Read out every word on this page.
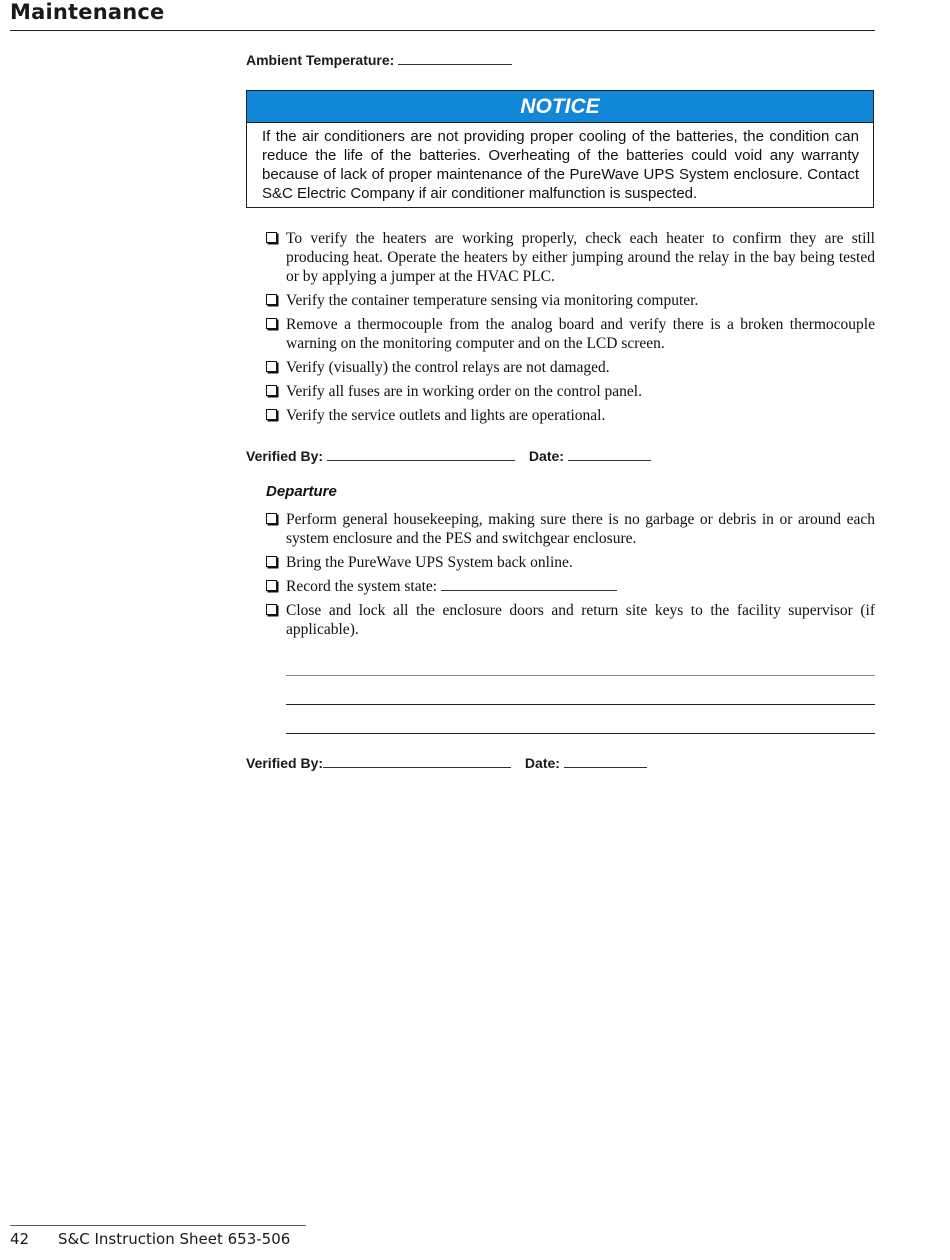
Maintenance
Ambient Temperature:
NOTICE
If the air conditioners are not providing proper cooling of the batteries, the condition can reduce the life of the batteries. Overheating of the batteries could void any warranty because of lack of proper maintenance of the PureWave UPS System enclosure. Contact S&C Electric Company if air conditioner malfunction is suspected.
To verify the heaters are working properly, check each heater to confirm they are still producing heat. Operate the heaters by either jumping around the relay in the bay being tested or by applying a jumper at the HVAC PLC.
Verify the container temperature sensing via monitoring computer.
Remove a thermocouple from the analog board and verify there is a broken thermocouple warning on the monitoring computer and on the LCD screen.
Verify (visually) the control relays are not damaged.
Verify all fuses are in working order on the control panel.
Verify the service outlets and lights are operational.
Verified By:	Date:
Departure
Perform general housekeeping, making sure there is no garbage or debris in or around each system enclosure and the PES and switchgear enclosure.
Bring the PureWave UPS System back online.
Record the system state:
Close and lock all the enclosure doors and return site keys to the facility supervisor (if applicable).
Verified By:	Date:
42 S&C Instruction Sheet 653-506
